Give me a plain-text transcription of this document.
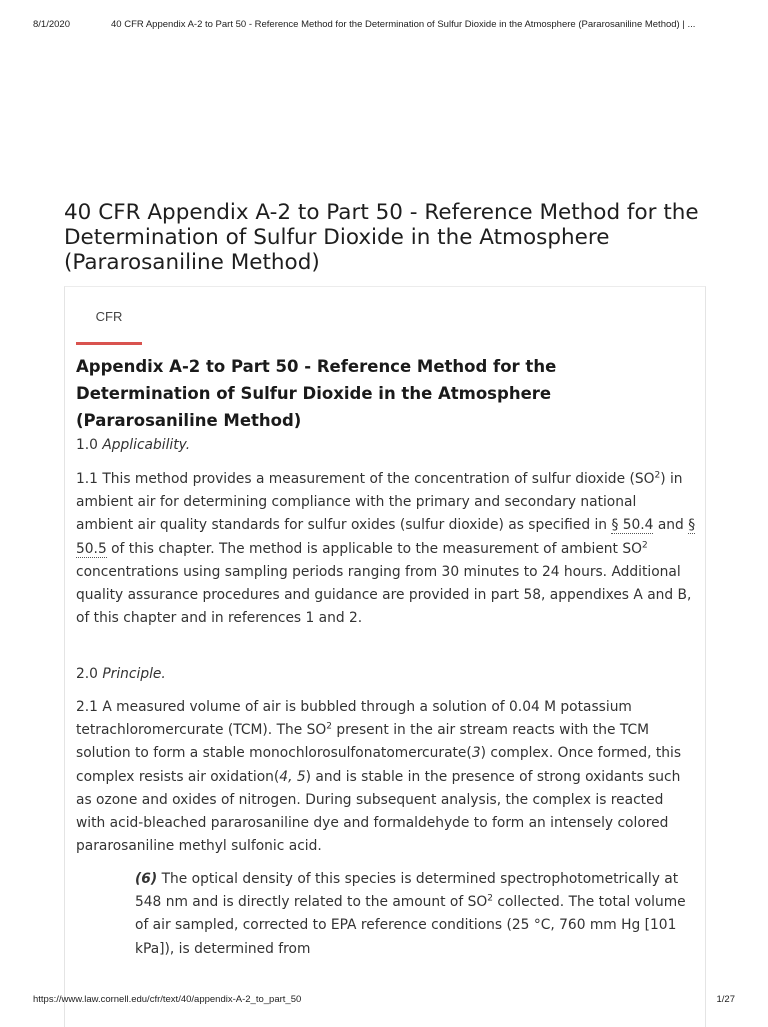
8/1/2020	40 CFR Appendix A-2 to Part 50 - Reference Method for the Determination of Sulfur Dioxide in the Atmosphere (Pararosaniline Method) | ...
40 CFR Appendix A-2 to Part 50 - Reference Method for the Determination of Sulfur Dioxide in the Atmosphere (Pararosaniline Method)
CFR
Appendix A-2 to Part 50 - Reference Method for the Determination of Sulfur Dioxide in the Atmosphere (Pararosaniline Method)

1.0 Applicability.

1.1 This method provides a measurement of the concentration of sulfur dioxide $(SO^2)$ in ambient air for determining compliance with the primary and secondary national ambient air quality standards for sulfur oxides (sulfur dioxide) as specified in § 50.4 and § 50.5 of this chapter. The method is applicable to the measurement of ambient $SO^2$ concentrations using sampling periods ranging from 30 minutes to 24 hours. Additional quality assurance procedures and guidance are provided in part 58, appendixes A and B, of this chapter and in references 1 and 2.

2.0 Principle.

2.1 A measured volume of air is bubbled through a solution of 0.04 M potassium tetrachloromercurate (TCM). The $SO^2$ present in the air stream reacts with the TCM solution to form a stable monochlorosulfonatomercurate(3) complex. Once formed, this complex resists air oxidation(4, 5) and is stable in the presence of strong oxidants such as ozone and oxides of nitrogen. During subsequent analysis, the complex is reacted with acid-bleached pararosaniline dye and formaldehyde to form an intensely colored pararosaniline methyl sulfonic acid.

(6) The optical density of this species is determined spectrophotometrically at 548 nm and is directly related to the amount of $SO^2$ collected. The total volume of air sampled, corrected to EPA reference conditions (25 °C, 760 mm Hg [101 kPa]), is determined from

https://www.law.cornell.edu/cfr/text/40/appendix-A-2_to_part_50	1/27
